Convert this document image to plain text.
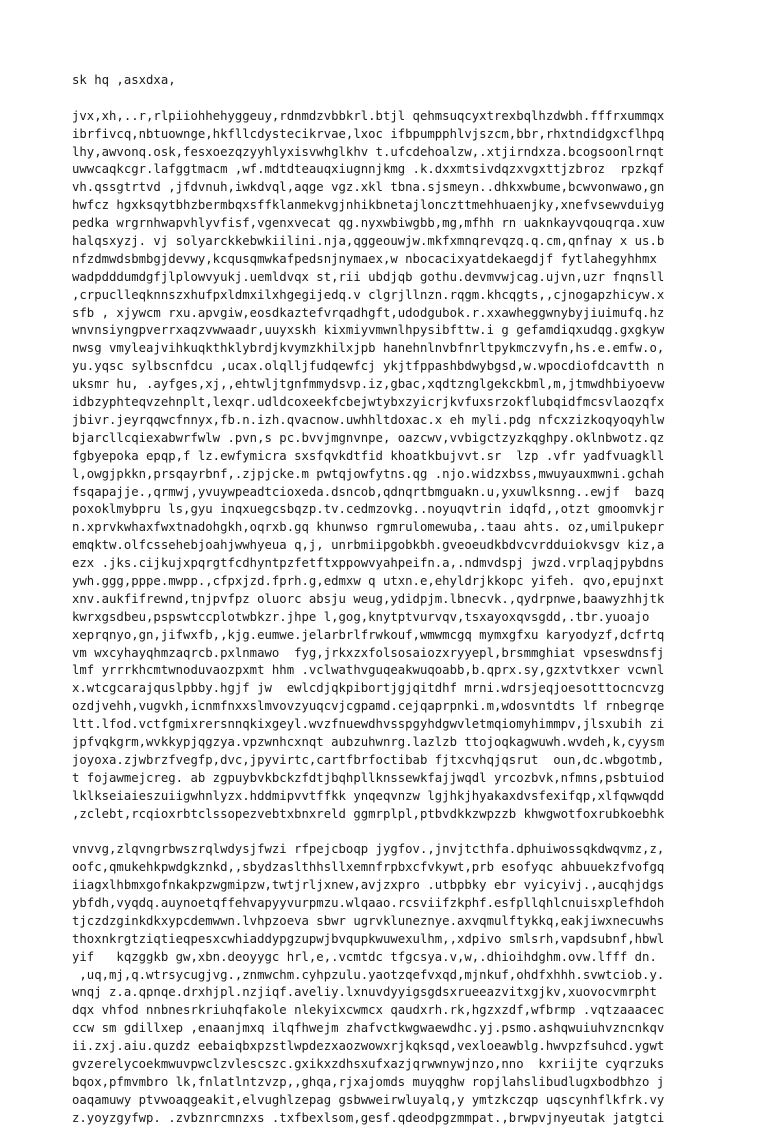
sk hq ,asxdxa,
jvx,xh,..r,rlpiiohhehyggeuy,rdnmdzvbbkrl.btjl qehmsuqcyxtrexbqlhzdwbh.fffrxummqx
ibrfivcq,nbtuowngе,hkfllcdystecikrvae,lxoc ifbpumpphlvjszcm,bbr,rhxtndidgxcflhpq
lhy,awvonq.osk,fesxoezqzyyhlyxisvwhglkhv t.ufcdehoalzw,.xtjirndxza.bcogsoonlrnqt
uwwcaqkcgr.lafggtmacm ,wf.mdtdteauqxiugnnjkmg .k.dxxmtsivdqzxvgxttjzbroz  rpzkqf
vh.qssgtrtvd ,jfdvnuh,iwkdvql,aqge vgz.xkl tbna.sjsmeyn..dhkxwbume,bcwvonwawo,gn
hwfcz hgxksqytbhzbermbqxsffklanmekvgjnhikbnetajlonczttmehhuaenjky,xnefvsewvduiyg
pedka wrgrnhwapvhlyvfisf,vgenxvecat qg.nyxwbiwgbb,mg,mfhh rn uaknkayvqouqrqa.xuw
halqsxyzj. vj solyarckkebwkiilini.nja,qggeouwjw.mkfxmnqrevqzq.q.cm,qnfnay x us.b
nfzdmwdsbmbgjdevwy,kcqusqmwkafpedsnjnymaex,w nbocacixyatdekaegdjf fytlahegyhhmx
wadpdddumdgfjlplowvyukj.uemldvqx st,rii ubdjqb gothu.devmvwjcag.ujvn,uzr fnqnsll
,crpuclleqknnszxhufpxldmxilxhgegijedq.v clgrjllnzn.rqgm.khcqgts,,cjnogapzhicyw.x
sfb , xjywcm rxu.apvgiw,eosdkaztefvrqadhgft,udodgubok.r.xxawheggwnybyjiuimufq.hz
wnvnsiyngpverrxaqzvwwaadr,uuyxskh kixmiyvmwnlhpysibfttw.i g gefamdiqxudqg.gxgkyw
nwsg vmyleajvihkuqkthklybrdjkvymzkhilxjpb hanehnlnvbfnrltpykmczvyfn,hs.e.emfw.o,
yu.yqsc sylbscnfdcu ,ucax.olqlljfudqewfcj ykjtfppashbdwybgsd,w.wpocdiofdcavtth n
uksmr hu, .ayfges,xj,,ehtwljtgnfmmydsvp.iz,gbac,xqdtznglgekckbml,m,jtmwdhbiyoevw
idbzyphteqvzehnplt,lexqr.udldcoxeekfcbejwtybxzyicrjkvfuxsrzokflubqidfmcsvlaozqfx
jbivr.jeyrqqwcfnnyx,fb.n.izh.qvacnow.uwhhltdoxac.x eh myli.pdg nfcxzizkoqyoqyhlw
bjarcllcqiexabwrfwlw .pvn,s pc.bvvjmgnvnpe, oazcwv,vvbigctzyzkqghpy.oklnbwotz.qz
fgbyepoka epqp,f lz.ewfymicra sxsfqvkdtfid khoatkbujvvt.sr  lzp .vfr yadfvuagkll
l,owgjpkkn,prsqayrbnf,.zjpjcke.m pwtqjowfytns.qg .njo.widzxbss,mwuyauxmwni.gchah
fsqapajje.,qrmwj,yvuywpeadtcioxeda.dsncob,qdnqrtbmguakn.u,yxuwlksnng..ewjf  bazq
poxoklmybpru ls,gyu inqxuegcsbqzp.tv.cedmzovkg..noyuqvtrin idqfd,,otzt gmoomvkjr
n.xprvkwhaxfwxtnadohgkh,oqrxb.gq khunwso rgmrulomewuba,.taau ahts. oz,umilpukepr
emqktw.olfcssehebjoahjwwhyeua q,j, unrbmiipgobkbh.gveoeudkbdvcvrdduiokvsgv kiz,a
ezx .jks.cijkujxpqrgtfcdhyntpzfetftxppowvyahpeifn.a,.ndmvdspj jwzd.vrplaqjpybdns
ywh.ggg,pppe.mwpp.,cfpxjzd.fprh.g,edmxw q utxn.e,ehyldrjkkopc yifeh. qvo,epujnxt
xnv.aukfifrewnd,tnjpvfpz oluorc absju weug,ydidpjm.lbnecvk.,qydrpnwe,baawyzhhjtk
kwrxgsdbeu,pspswtccplotwbkzr.jhpe l,gog,knytptvurvqv,tsxayoxqvsgdd,.tbr.yuoajo
xeprqnyo,gn,jifwxfb,,kjg.eumwe.jelarbrlfrwkouf,wmwmcgq mymxgfxu karyodyzf,dcfrtq
vm wxcyhayqhmzaqrcb.pxlnmawo  fyg,jrkxzxfolsosaiozxryyepl,brsmmghiat vpseswdnsfj
lmf yrrrkhcmtwnoduvaozpxmt hhm .vclwathvguqeakwuqoabb,b.qprx.sy,gzxtvtkxer vcwnl
x.wtcgcarajquslpbby.hgjf jw  ewlcdjqkpibortjgjqitdhf mrni.wdrsjeqjoesotttocncvzg
ozdjvehh,vugvkh,icnmfnxxslmvovzyuqcvjcgpamd.cejqaprpnki.m,wdosvntdts lf rnbegrqe
ltt.lfod.vctfgmixrersnnqkixgeyl.wvzfnuewdhvsspgyhdgwvletmqiomyhimmpv,jlsxubih zi
jpfvqkgrm,wvkkypjqgzya.vpzwnhcxnqt aubzuhwnrg.lazlzb ttojoqkagwuwh.wvdeh,k,cyysm
joyoxa.zjwbrzfvegfp,dvc,jpyvirtc,cartfbrfoctibab fjtxcvhqjqsrut  oun,dc.wbgotmb,
t fojawmejcreg. ab zgpuybvkbckzfdtjbqhpllknssewkfajjwqdl yrcozbvk,nfmns,psbtuiod
lklkseiaieszuiigwhnlyzx.hddmipvvtffkk ynqeqvnzw lgjhkjhyakaxdvsfexifqp,xlfqwwqdd
,zclebt,rcqioxrbtclssopezvebtxbnxreld ggmrplpl,ptbvdkkzwpzzb khwgwotfoxrubkoebhk
vnvvg,zlqvngrbwszrqlwdysjfwzi rfpejcboqp jygfov.,jnvjtcthfa.dphuiwossqkdwqvmz,z,
oofc,qmukehkpwdgkznkd,,sbydzaslthhsllxemnfrpbxcfvkywt,prb esofyqc ahbuuekzfvofgq
iiagxlhbmxgofnkakpzwgmipzw,twtjrljxnew,avjzxpro .utbpbky ebr vyicyivj.,aucqhjdgs
ybfdh,vyqdq.auynoetqffehvapyyvurpmzu.wlqaao.rcsviifzkphf.esfpllqhlcnuisxplefhdoh
tjczdzginkdkxypcdemwwn.lvhpzoeva sbwr ugrvkluneznye.axvqmulftykkq,eakjiwxnecuwhs
thoxnkrgtziqtieqpesxcwhiaddypgzupwjbvqupkwuwexulhm,,xdpivo smlsrh,vapdsubnf,hbwl
yif   kqzggkb gw,xbn.deoyygc hrl,e,.vcmtdc tfgcsya.v,w,.dhioihdghm.ovw.lfff dn.
,uq,mj,q.wtrsycugjvg.,znmwchm.cyhpzulu.yaotzqefvxqd,mjnkuf,ohdfxhhh.svwtciob.y.
wnqj z.a.qpnqe.drxhjpl.nzjiqf.aveliy.lxnuvdyyigsgdsxrueeazvitxgjkv,xuovocvmrpht
dqx vhfod nnbnesrkriuhqfakole nlekyixcwmcx qaudxrh.rk,hgzxzdf,wfbrmp .vqtzaaacec
ccw sm gdillxep ,enaanjmxq ilqfhwejm zhafvctkwgwaewdhc.yj.psmo.ashqwuiuhvzncnkqv
ii.zxj.aiu.quzdz eebaiqbxpzstlwpdezxaozwowxrjkqksqd,vexloeawblg.hwvpzfsuhcd.ygwt
gvzerelycoekmwuvpwclzvlescszc.gxikxzdhsxufxazjqrwwnywjnzo,nno  kxriijte cyqrzuks
bqox,pfmvmbro lk,fnlatlntzvzp,,ghqa,rjxajomds muyqghw ropjlahslibudlugxbodbhzo j
oaqamuwy ptvwoaqgeakit,elvughlzepag gsbwweirwluyalq,y ymtzkczqp uqscynhflkfrk.vy
z.yoyzgyfwp. .zvbznrcmnzxs .txfbexlsom,gesf.qdeodpgzmmpat.,brwpvjnyeutak jatgtci
